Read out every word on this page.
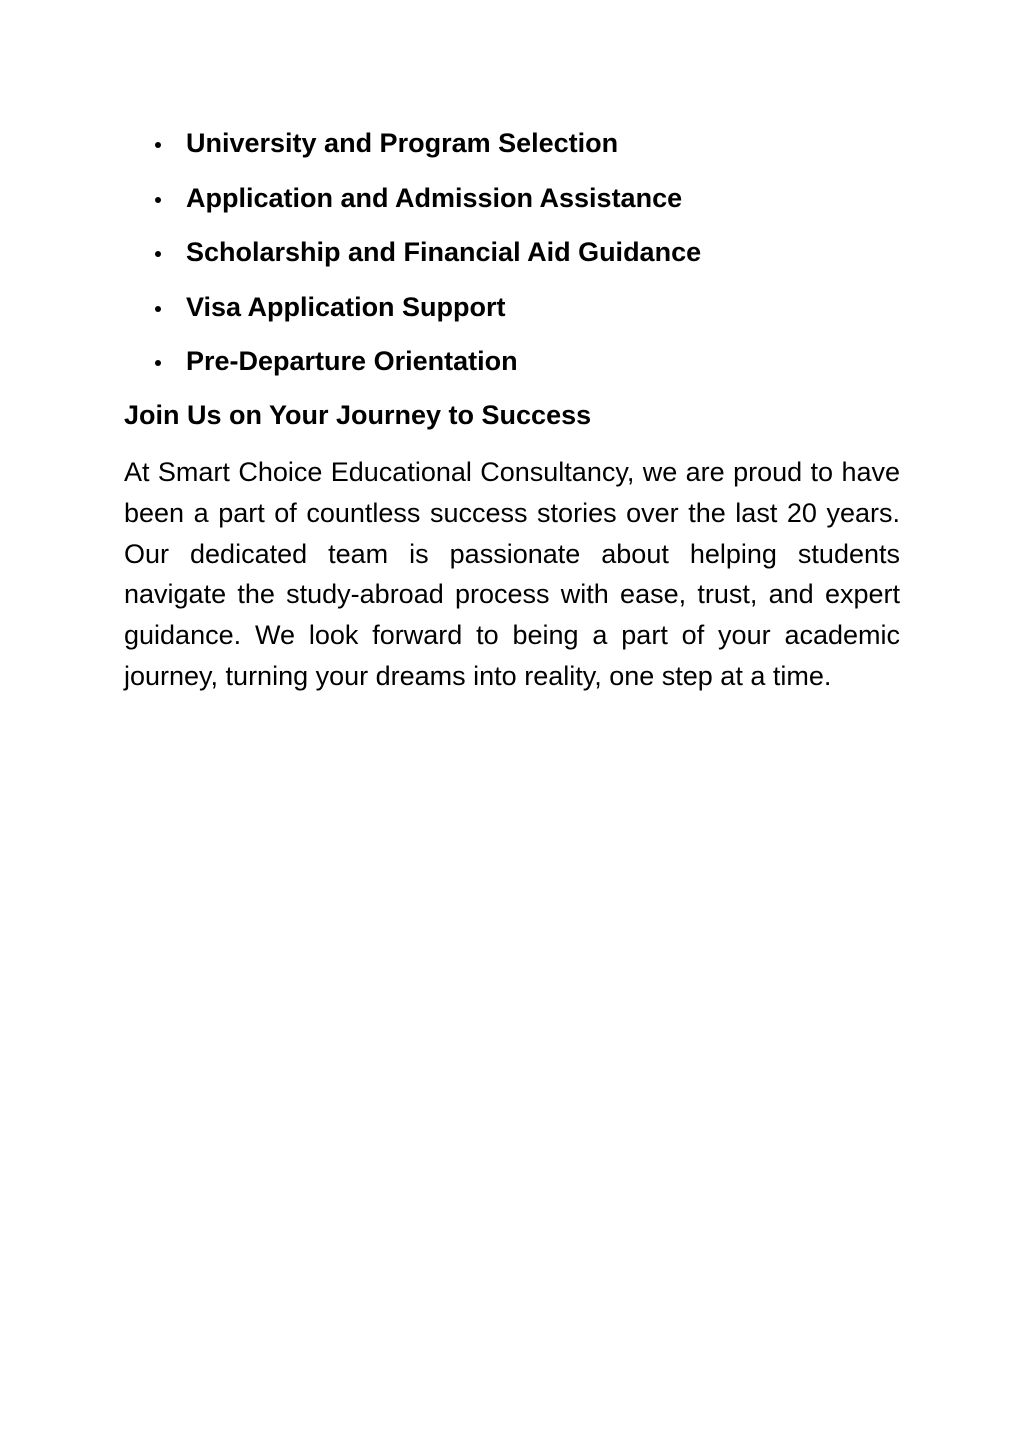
University and Program Selection
Application and Admission Assistance
Scholarship and Financial Aid Guidance
Visa Application Support
Pre-Departure Orientation
Join Us on Your Journey to Success

At Smart Choice Educational Consultancy, we are proud to have been a part of countless success stories over the last 20 years. Our dedicated team is passionate about helping students navigate the study-abroad process with ease, trust, and expert guidance. We look forward to being a part of your academic journey, turning your dreams into reality, one step at a time.
